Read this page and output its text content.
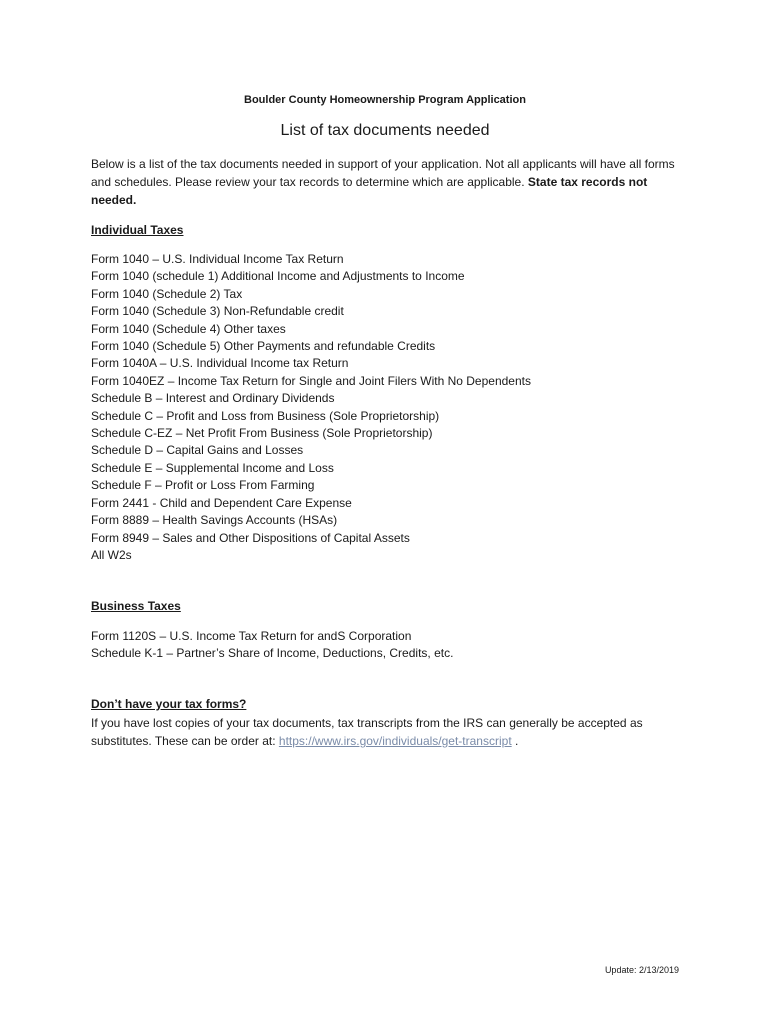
Boulder County Homeownership Program Application
List of tax documents needed

Below is a list of the tax documents needed in support of your application. Not all applicants will have all forms and schedules. Please review your tax records to determine which are applicable. State tax records not needed.

Individual Taxes
Form 1040 – U.S. Individual Income Tax Return
Form 1040 (schedule 1) Additional Income and Adjustments to Income
Form 1040 (Schedule 2) Tax
Form 1040 (Schedule 3) Non-Refundable credit
Form 1040 (Schedule 4) Other taxes
Form 1040 (Schedule 5) Other Payments and refundable Credits
Form 1040A – U.S. Individual Income tax Return
Form 1040EZ – Income Tax Return for Single and Joint Filers With No Dependents
Schedule B – Interest and Ordinary Dividends
Schedule C – Profit and Loss from Business (Sole Proprietorship)
Schedule C-EZ – Net Profit From Business (Sole Proprietorship)
Schedule D – Capital Gains and Losses
Schedule E – Supplemental Income and Loss
Schedule F – Profit or Loss From Farming
Form 2441 - Child and Dependent Care Expense
Form 8889 – Health Savings Accounts (HSAs)
Form 8949 – Sales and Other Dispositions of Capital Assets
All W2s
Business Taxes
Form 1120S – U.S. Income Tax Return for andS Corporation
Schedule K-1 – Partner’s Share of Income, Deductions, Credits, etc.
Don’t have your tax forms?

If you have lost copies of your tax documents, tax transcripts from the IRS can generally be accepted as substitutes. These can be order at: https://www.irs.gov/individuals/get-transcript .

Update: 2/13/2019
